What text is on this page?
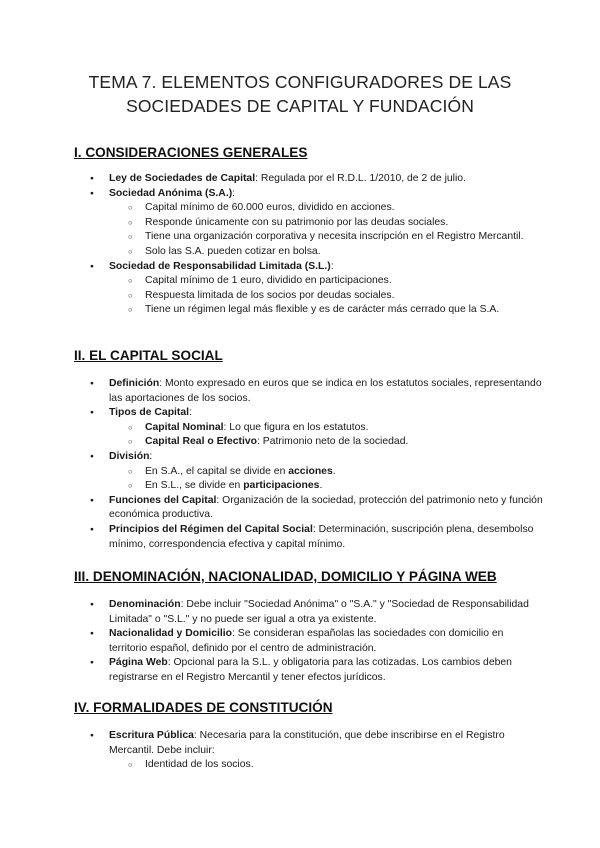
TEMA 7. ELEMENTOS CONFIGURADORES DE LAS
SOCIEDADES DE CAPITAL Y FUNDACIÓN
I. CONSIDERACIONES GENERALES
● Ley de Sociedades de Capital: Regulada por el R.D.L. 1/2010, de 2 de julio.
● Sociedad Anónima (S.A.):
○ Capital mínimo de 60.000 euros, dividido en acciones.
○ Responde únicamente con su patrimonio por las deudas sociales.
○ Tiene una organización corporativa y necesita inscripción en el Registro Mercantil.
○ Solo las S.A. pueden cotizar en bolsa.
● Sociedad de Responsabilidad Limitada (S.L.):
○ Capital mínimo de 1 euro, dividido en participaciones.
○ Respuesta limitada de los socios por deudas sociales.
○ Tiene un régimen legal más flexible y es de carácter más cerrado que la S.A.
II. EL CAPITAL SOCIAL
● Definición: Monto expresado en euros que se indica en los estatutos sociales, representando las aportaciones de los socios.
● Tipos de Capital:
○ Capital Nominal: Lo que figura en los estatutos.
○ Capital Real o Efectivo: Patrimonio neto de la sociedad.
● División:
○ En S.A., el capital se divide en acciones.
○ En S.L., se divide en participaciones.
● Funciones del Capital: Organización de la sociedad, protección del patrimonio neto y función económica productiva.
● Principios del Régimen del Capital Social: Determinación, suscripción plena, desembolso mínimo, correspondencia efectiva y capital mínimo.
III. DENOMINACIÓN, NACIONALIDAD, DOMICILIO Y PÁGINA WEB
● Denominación: Debe incluir "Sociedad Anónima" o "S.A." y "Sociedad de Responsabilidad Limitada" o "S.L." y no puede ser igual a otra ya existente.
● Nacionalidad y Domicilio: Se consideran españolas las sociedades con domicilio en territorio español, definido por el centro de administración.
● Página Web: Opcional para la S.L. y obligatoria para las cotizadas. Los cambios deben registrarse en el Registro Mercantil y tener efectos jurídicos.
IV. FORMALIDADES DE CONSTITUCIÓN
● Escritura Pública: Necesaria para la constitución, que debe inscribirse en el Registro Mercantil. Debe incluir:
○ Identidad de los socios.
